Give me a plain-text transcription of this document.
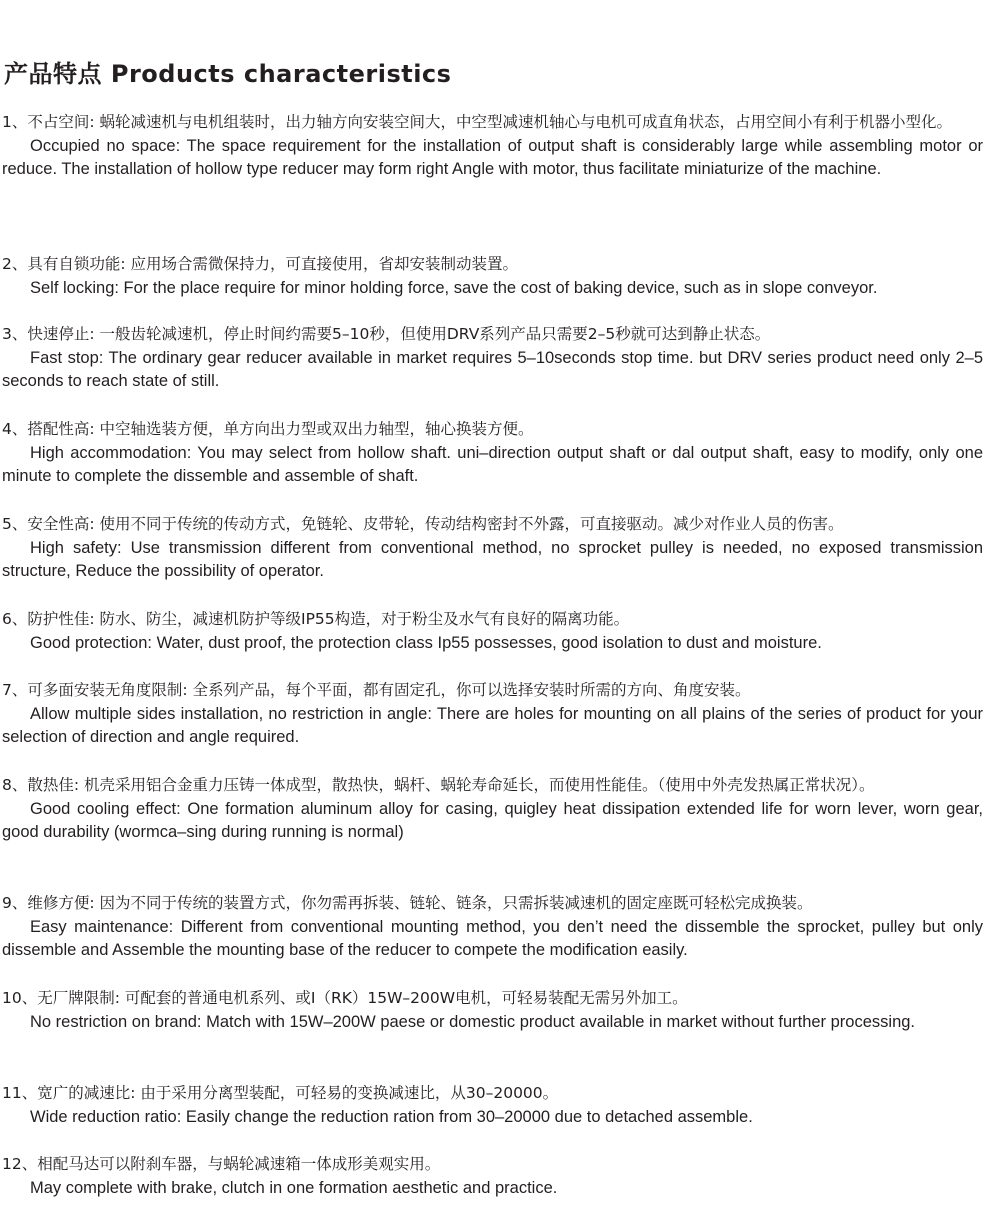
产品特点 Products characteristics

1、不占空间: 蜗轮减速机与电机组装时，出力轴方向安装空间大，中空型减速机轴心与电机可成直角状态，占用空间小有利于机器小型化。

Occupied no space: The space requirement for the installation of output shaft is considerably large while assembling motor or reduce. The installation of hollow type reducer may form right Angle with motor, thus facilitate miniaturize of the machine.

2、具有自锁功能: 应用场合需微保持力，可直接使用，省却安装制动装置。

Self locking: For the place require for minor holding force, save the cost of baking device, such as in slope conveyor.

3、快速停止: 一般齿轮减速机，停止时间约需要5–10秒，但使用DRV系列产品只需要2–5秒就可达到静止状态。

Fast stop: The ordinary gear reducer available in market requires 5–10seconds stop time. but DRV series product need only 2–5 seconds to reach state of still.

4、搭配性高: 中空轴选装方便，单方向出力型或双出力轴型，轴心换装方便。

High accommodation: You may select from hollow shaft. uni–direction output shaft or dal output shaft, easy to modify, only one minute to complete the dissemble and assemble of shaft.

5、安全性高: 使用不同于传统的传动方式，免链轮、皮带轮，传动结构密封不外露，可直接驱动。减少对作业人员的伤害。

High safety: Use transmission different from conventional method, no sprocket pulley is needed, no exposed transmission structure, Reduce the possibility of operator.

6、防护性佳: 防水、防尘，减速机防护等级IP55构造，对于粉尘及水气有良好的隔离功能。

Good protection: Water, dust proof, the protection class Ip55 possesses, good isolation to dust and moisture.

7、可多面安装无角度限制: 全系列产品，每个平面，都有固定孔，你可以选择安装时所需的方向、角度安装。

Allow multiple sides installation, no restriction in angle: There are holes for mounting on all plains of the series of product for your selection of direction and angle required.

8、散热佳: 机壳采用铝合金重力压铸一体成型，散热快，蜗杆、蜗轮寿命延长，而使用性能佳。（使用中外壳发热属正常状况）。

Good cooling effect: One formation aluminum alloy for casing, quigley heat dissipation extended life for worn lever, worn gear, good durability (wormca–sing during running is normal)

9、维修方便: 因为不同于传统的装置方式，你勿需再拆装、链轮、链条，只需拆装减速机的固定座既可轻松完成换装。

Easy maintenance: Different from conventional mounting method, you den’t need the dissemble the sprocket, pulley but only dissemble and Assemble the mounting base of the reducer to compete the modification easily.

10、无厂牌限制: 可配套的普通电机系列、或I（RK）15W–200W电机，可轻易装配无需另外加工。

No restriction on brand: Match with 15W–200W paese or domestic product available in market without further processing.

11、宽广的减速比: 由于采用分离型装配，可轻易的变换减速比，从30–20000。

Wide reduction ratio: Easily change the reduction ration from 30–20000 due to detached assemble.

12、相配马达可以附刹车器，与蜗轮减速箱一体成形美观实用。

May complete with brake, clutch in one formation aesthetic and practice.
